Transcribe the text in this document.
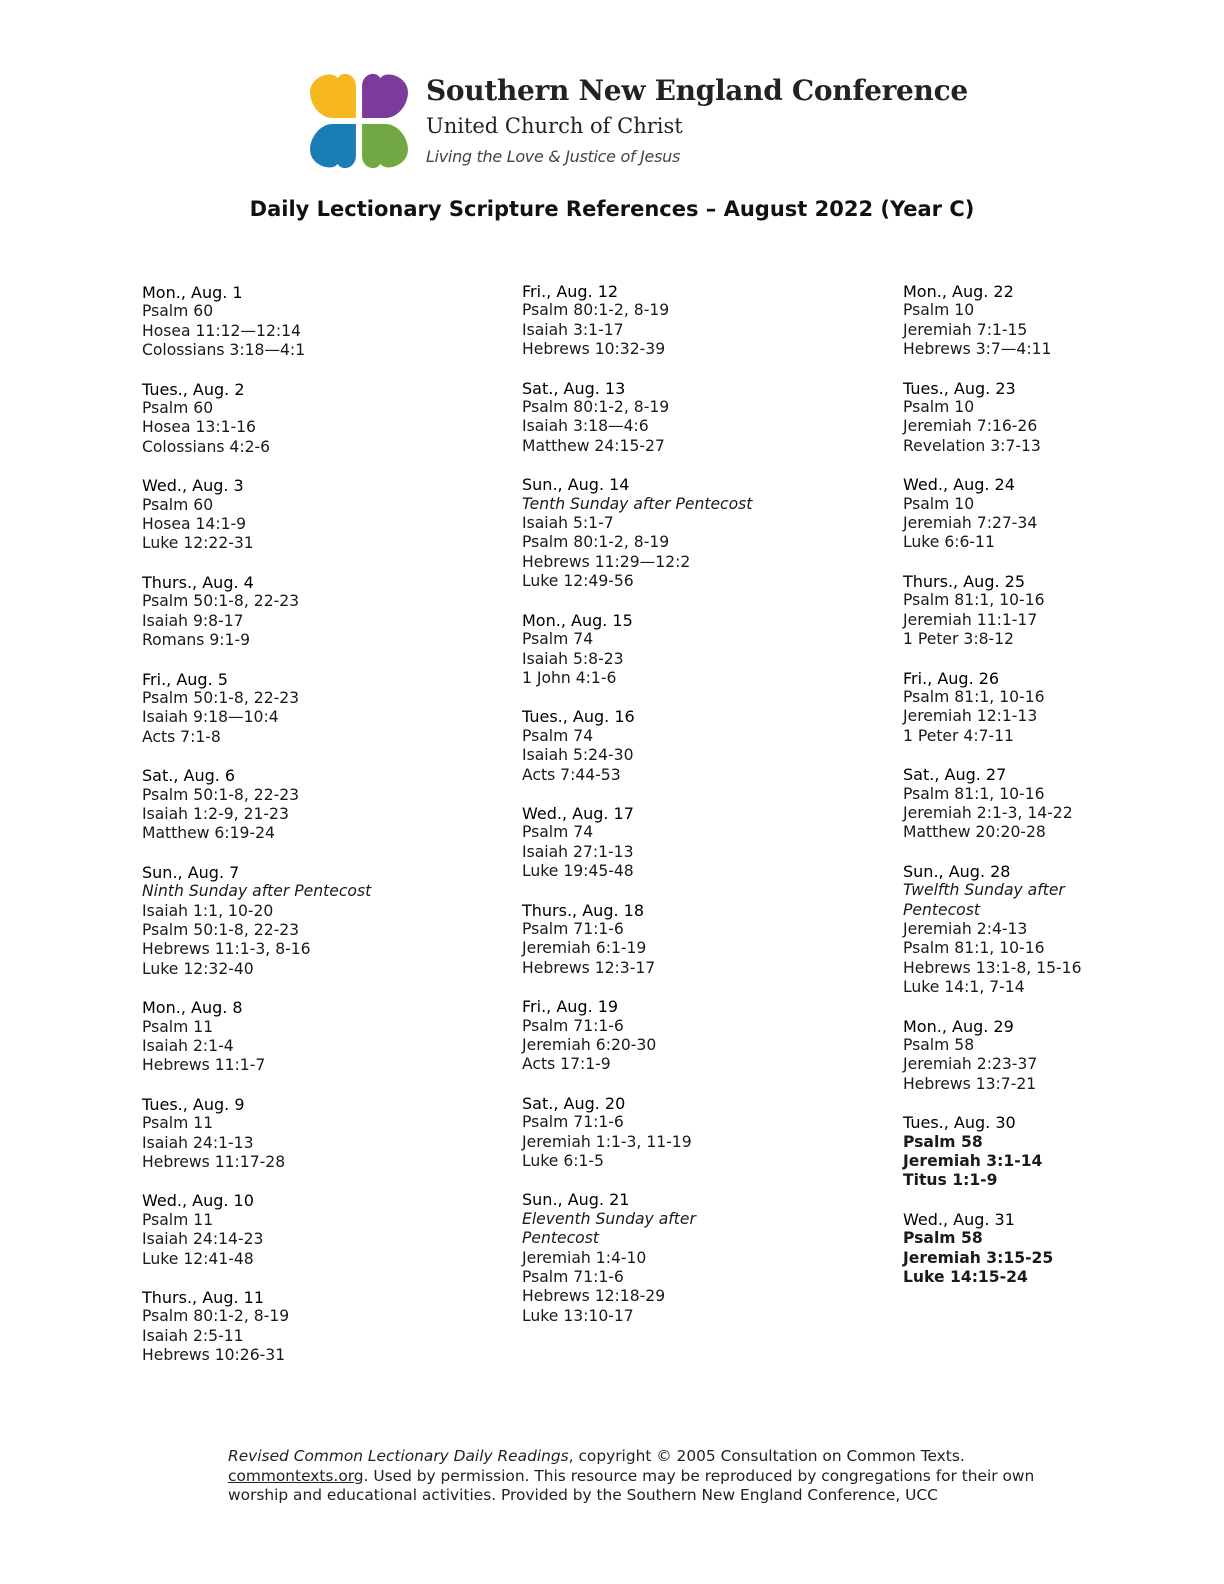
Southern New England Conference
United Church of Christ
Living the Love & Justice of Jesus
Daily Lectionary Scripture References – August 2022 (Year C)
Mon., Aug. 1
Psalm 60
Hosea 11:12—12:14
Colossians 3:18—4:1
Tues., Aug. 2
Psalm 60
Hosea 13:1-16
Colossians 4:2-6
Wed., Aug. 3
Psalm 60
Hosea 14:1-9
Luke 12:22-31
Thurs., Aug. 4
Psalm 50:1-8, 22-23
Isaiah 9:8-17
Romans 9:1-9
Fri., Aug. 5
Psalm 50:1-8, 22-23
Isaiah 9:18—10:4
Acts 7:1-8
Sat., Aug. 6
Psalm 50:1-8, 22-23
Isaiah 1:2-9, 21-23
Matthew 6:19-24
Sun., Aug. 7
Ninth Sunday after Pentecost
Isaiah 1:1, 10-20
Psalm 50:1-8, 22-23
Hebrews 11:1-3, 8-16
Luke 12:32-40
Mon., Aug. 8
Psalm 11
Isaiah 2:1-4
Hebrews 11:1-7
Tues., Aug. 9
Psalm 11
Isaiah 24:1-13
Hebrews 11:17-28
Wed., Aug. 10
Psalm 11
Isaiah 24:14-23
Luke 12:41-48
Thurs., Aug. 11
Psalm 80:1-2, 8-19
Isaiah 2:5-11
Hebrews 10:26-31
Fri., Aug. 12
Psalm 80:1-2, 8-19
Isaiah 3:1-17
Hebrews 10:32-39
Sat., Aug. 13
Psalm 80:1-2, 8-19
Isaiah 3:18—4:6
Matthew 24:15-27
Sun., Aug. 14
Tenth Sunday after Pentecost
Isaiah 5:1-7
Psalm 80:1-2, 8-19
Hebrews 11:29—12:2
Luke 12:49-56
Mon., Aug. 15
Psalm 74
Isaiah 5:8-23
1 John 4:1-6
Tues., Aug. 16
Psalm 74
Isaiah 5:24-30
Acts 7:44-53
Wed., Aug. 17
Psalm 74
Isaiah 27:1-13
Luke 19:45-48
Thurs., Aug. 18
Psalm 71:1-6
Jeremiah 6:1-19
Hebrews 12:3-17
Fri., Aug. 19
Psalm 71:1-6
Jeremiah 6:20-30
Acts 17:1-9
Sat., Aug. 20
Psalm 71:1-6
Jeremiah 1:1-3, 11-19
Luke 6:1-5
Sun., Aug. 21
Eleventh Sunday after Pentecost
Jeremiah 1:4-10
Psalm 71:1-6
Hebrews 12:18-29
Luke 13:10-17
Mon., Aug. 22
Psalm 10
Jeremiah 7:1-15
Hebrews 3:7—4:11
Tues., Aug. 23
Psalm 10
Jeremiah 7:16-26
Revelation 3:7-13
Wed., Aug. 24
Psalm 10
Jeremiah 7:27-34
Luke 6:6-11
Thurs., Aug. 25
Psalm 81:1, 10-16
Jeremiah 11:1-17
1 Peter 3:8-12
Fri., Aug. 26
Psalm 81:1, 10-16
Jeremiah 12:1-13
1 Peter 4:7-11
Sat., Aug. 27
Psalm 81:1, 10-16
Jeremiah 2:1-3, 14-22
Matthew 20:20-28
Sun., Aug. 28
Twelfth Sunday after Pentecost
Jeremiah 2:4-13
Psalm 81:1, 10-16
Hebrews 13:1-8, 15-16
Luke 14:1, 7-14
Mon., Aug. 29
Psalm 58
Jeremiah 2:23-37
Hebrews 13:7-21
Tues., Aug. 30
Psalm 58
Jeremiah 3:1-14
Titus 1:1-9
Wed., Aug. 31
Psalm 58
Jeremiah 3:15-25
Luke 14:15-24
Revised Common Lectionary Daily Readings, copyright © 2005 Consultation on Common Texts.
commontexts.org. Used by permission. This resource may be reproduced by congregations for their own worship and educational activities. Provided by the Southern New England Conference, UCC
